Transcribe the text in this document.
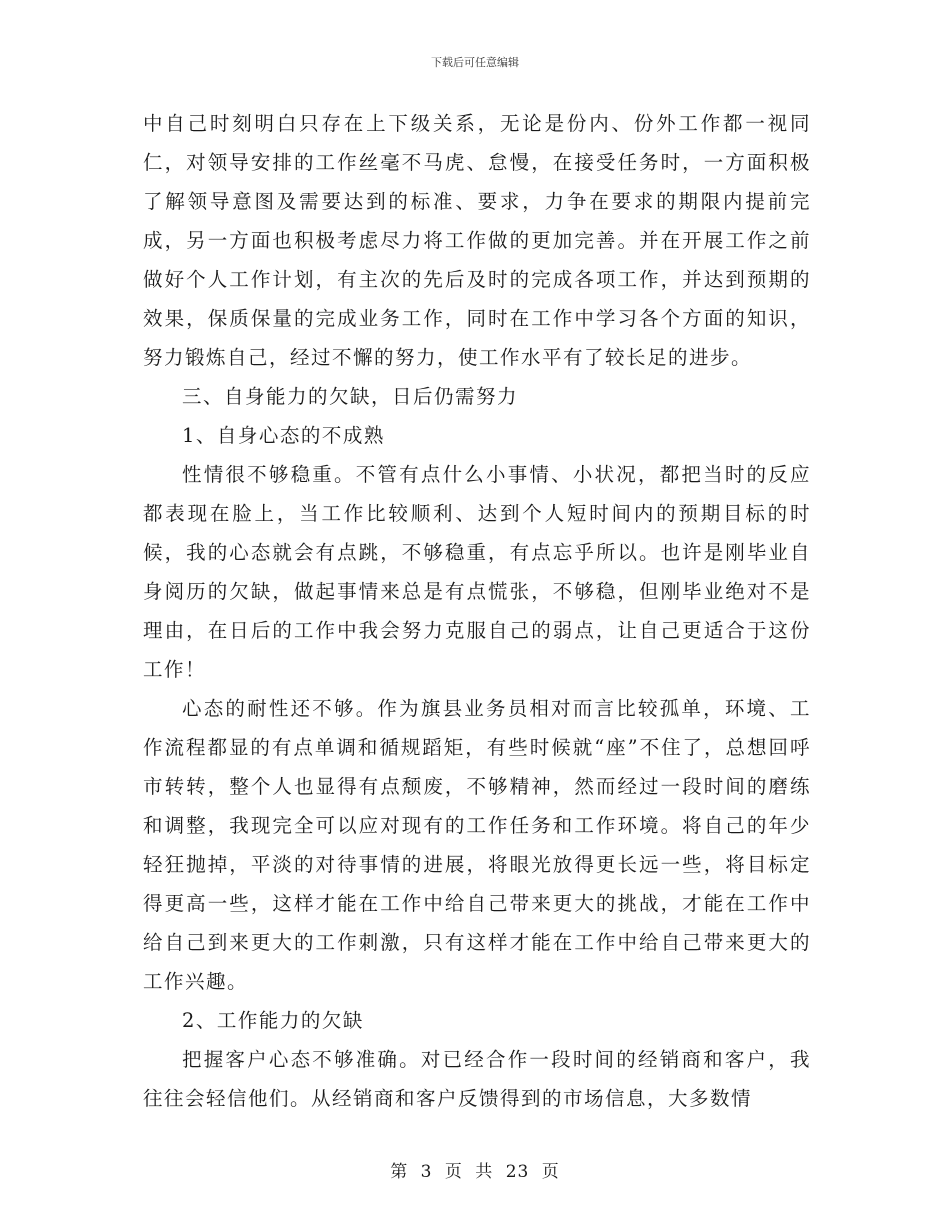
下载后可任意编辑

中自己时刻明白只存在上下级关系，无论是份内、份外工作都一视同仁，对领导安排的工作丝毫不马虎、怠慢，在接受任务时，一方面积极了解领导意图及需要达到的标准、要求，力争在要求的期限内提前完成，另一方面也积极考虑尽力将工作做的更加完善。并在开展工作之前做好个人工作计划，有主次的先后及时的完成各项工作，并达到预期的效果，保质保量的完成业务工作，同时在工作中学习各个方面的知识，努力锻炼自己，经过不懈的努力，使工作水平有了较长足的进步。

三、自身能力的欠缺，日后仍需努力

1、自身心态的不成熟

性情很不够稳重。不管有点什么小事情、小状况，都把当时的反应都表现在脸上，当工作比较顺利、达到个人短时间内的预期目标的时候，我的心态就会有点跳，不够稳重，有点忘乎所以。也许是刚毕业自身阅历的欠缺，做起事情来总是有点慌张，不够稳，但刚毕业绝对不是理由，在日后的工作中我会努力克服自己的弱点，让自己更适合于这份工作！

心态的耐性还不够。作为旗县业务员相对而言比较孤单，环境、工作流程都显的有点单调和循规蹈矩，有些时候就“座”不住了，总想回呼市转转，整个人也显得有点颓废，不够精神，然而经过一段时间的磨练和调整，我现完全可以应对现有的工作任务和工作环境。将自己的年少轻狂抛掉，平淡的对待事情的进展，将眼光放得更长远一些，将目标定得更高一些，这样才能在工作中给自己带来更大的挑战，才能在工作中给自己到来更大的工作刺激，只有这样才能在工作中给自己带来更大的工作兴趣。

2、工作能力的欠缺

把握客户心态不够准确。对已经合作一段时间的经销商和客户，我往往会轻信他们。从经销商和客户反馈得到的市场信息，大多数情

第 3 页 共 23 页
